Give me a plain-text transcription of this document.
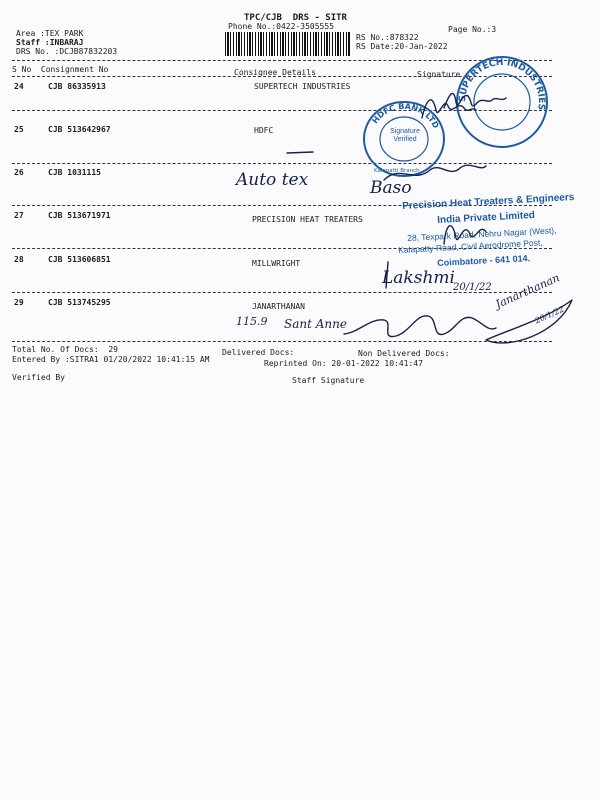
TPC/CJB  DRS - SITR
Phone No.:0422-3505555	Page No.:3
Area :TEX PARK
Staff :INBARAJ
DRS No. :DCJB87832203
RS No.:878322
RS Date:20-Jan-2022
S No  Consignment No	Consignee Details	Signature
24	CJB 86335913	SUPERTECH INDUSTRIES
25	CJB 513642967	HDFC
26	CJB 1031115
27	CJB 513671971	PRECISION HEAT TREATERS
28	CJB 513606851	MILLWRIGHT
29	CJB 513745295	JANARTHANAN
Total No. Of Docs:  29	Delivered Docs:	Non Delivered Docs:
Entered By :SITRA1 01/20/2022 10:41:15 AM	Reprinted On: 20-01-2022 10:41:47
Verified By	Staff Signature
SUPERTECH INDUSTRIES
HDFC BANK LTD
Kalapatti Branch
Signature Verified
Auto tex	Baso
Precision Heat Treaters & Engineers
India Private Limited
28, Texpark Road, Nehru Nagar (West),
Kalapatty Road, Civil Aerodrome Post,
Coimbatore - 641 014.
Lakshmi
20/1/22
115.9 Sant Anne
Janarthanan
20/1/22
